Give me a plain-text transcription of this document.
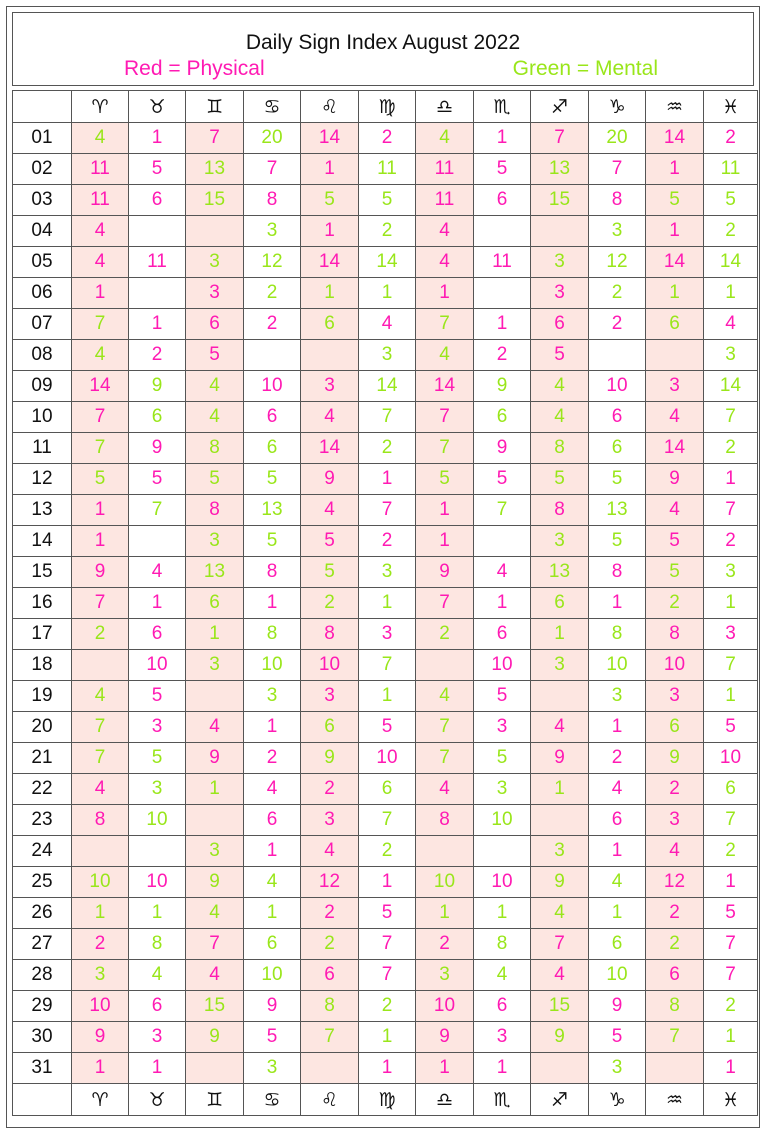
Daily Sign Index August 2022
Red = Physical	Green = Mental
	♈	♉	♊	♋	♌	♍	♎	♏	♐	♑	♒	♓
01	4	1	7	20	14	2	4	1	7	20	14	2
02	11	5	13	7	1	11	11	5	13	7	1	11
03	11	6	15	8	5	5	11	6	15	8	5	5
04	4			3	1	2	4			3	1	2
05	4	11	3	12	14	14	4	11	3	12	14	14
06	1		3	2	1	1	1		3	2	1	1
07	7	1	6	2	6	4	7	1	6	2	6	4
08	4	2	5			3	4	2	5			3
09	14	9	4	10	3	14	14	9	4	10	3	14
10	7	6	4	6	4	7	7	6	4	6	4	7
11	7	9	8	6	14	2	7	9	8	6	14	2
12	5	5	5	5	9	1	5	5	5	5	9	1
13	1	7	8	13	4	7	1	7	8	13	4	7
14	1		3	5	5	2	1		3	5	5	2
15	9	4	13	8	5	3	9	4	13	8	5	3
16	7	1	6	1	2	1	7	1	6	1	2	1
17	2	6	1	8	8	3	2	6	1	8	8	3
18		10	3	10	10	7		10	3	10	10	7
19	4	5		3	3	1	4	5		3	3	1
20	7	3	4	1	6	5	7	3	4	1	6	5
21	7	5	9	2	9	10	7	5	9	2	9	10
22	4	3	1	4	2	6	4	3	1	4	2	6
23	8	10		6	3	7	8	10		6	3	7
24			3	1	4	2			3	1	4	2
25	10	10	9	4	12	1	10	10	9	4	12	1
26	1	1	4	1	2	5	1	1	4	1	2	5
27	2	8	7	6	2	7	2	8	7	6	2	7
28	3	4	4	10	6	7	3	4	4	10	6	7
29	10	6	15	9	8	2	10	6	15	9	8	2
30	9	3	9	5	7	1	9	3	9	5	7	1
31	1	1		3		1	1	1		3		1
	♈	♉	♊	♋	♌	♍	♎	♏	♐	♑	♒	♓
